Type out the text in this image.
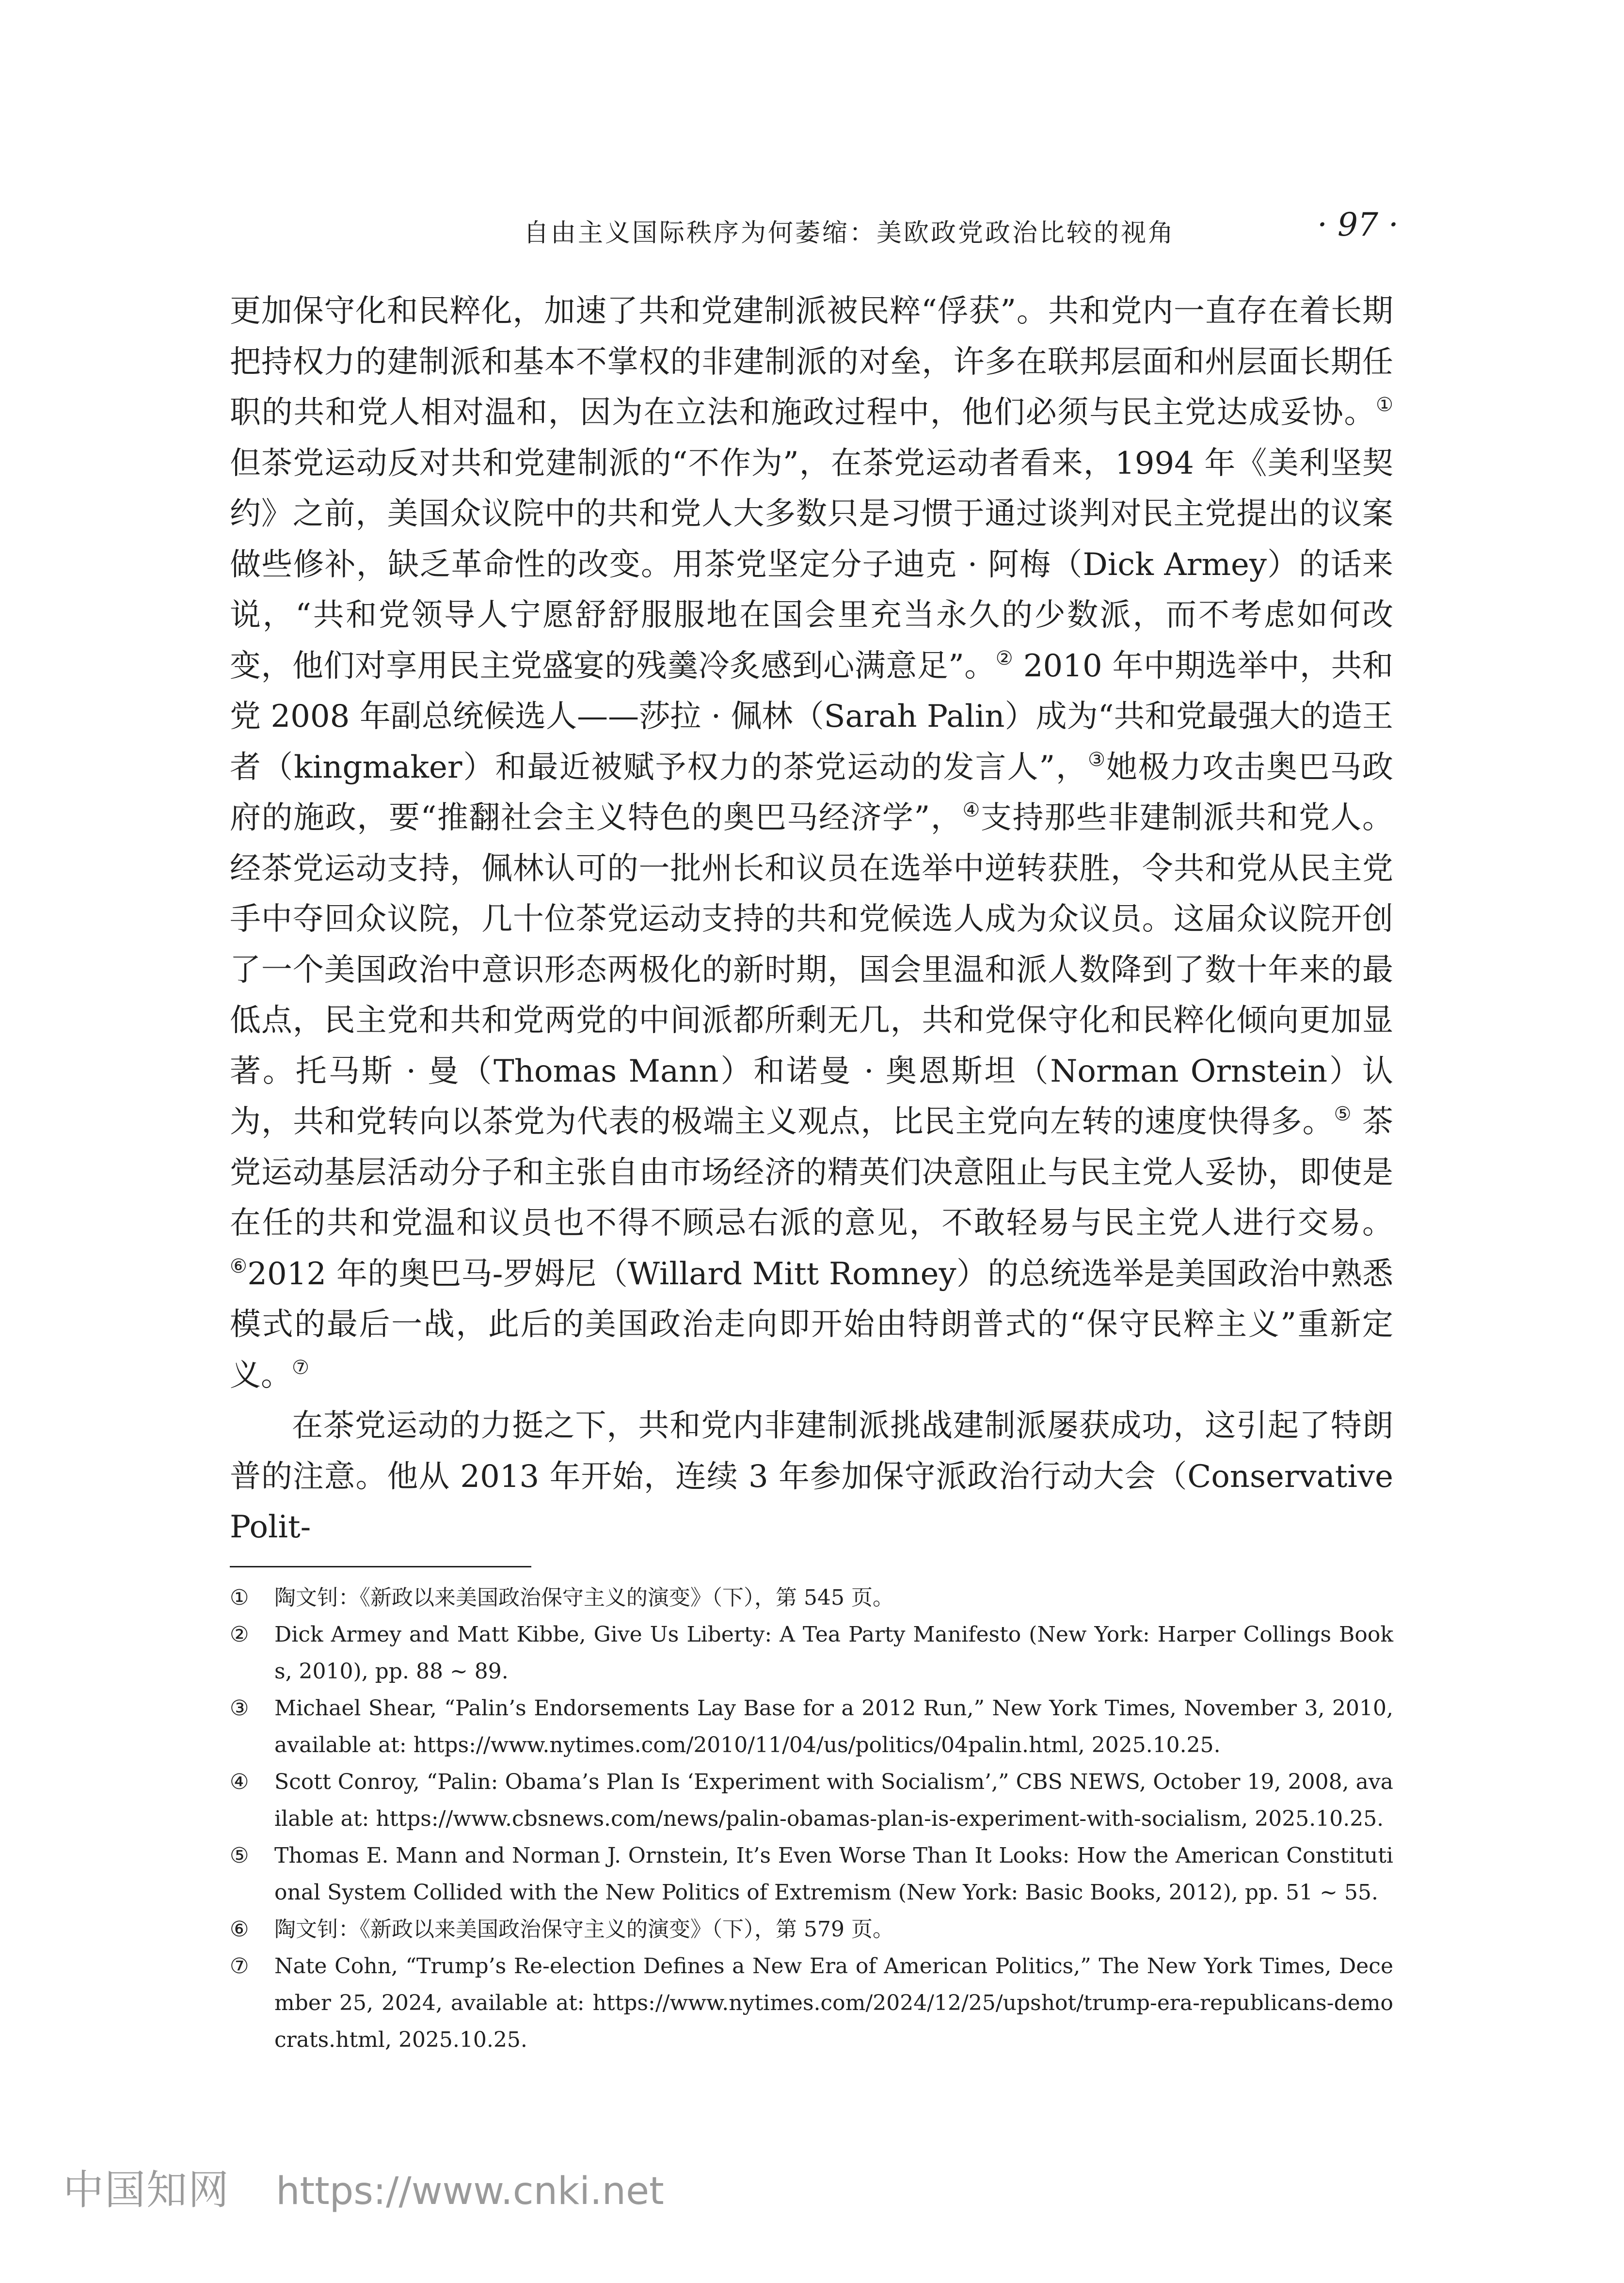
自由主义国际秩序为何萎缩：美欧政党政治比较的视角	· 97 ·

更加保守化和民粹化，加速了共和党建制派被民粹“俘获”。共和党内一直存在着长期把持权力的建制派和基本不掌权的非建制派的对垒，许多在联邦层面和州层面长期任职的共和党人相对温和，因为在立法和施政过程中，他们必须与民主党达成妥协。① 但茶党运动反对共和党建制派的“不作为”，在茶党运动者看来，1994 年《美利坚契约》之前，美国众议院中的共和党人大多数只是习惯于通过谈判对民主党提出的议案做些修补，缺乏革命性的改变。用茶党坚定分子迪克 · 阿梅（Dick Armey）的话来说，“共和党领导人宁愿舒舒服服地在国会里充当永久的少数派，而不考虑如何改变，他们对享用民主党盛宴的残羹冷炙感到心满意足”。② 2010 年中期选举中，共和党 2008 年副总统候选人——莎拉 · 佩林（Sarah Palin）成为“共和党最强大的造王者（kingmaker）和最近被赋予权力的茶党运动的发言人”，③她极力攻击奥巴马政府的施政，要“推翻社会主义特色的奥巴马经济学”，④支持那些非建制派共和党人。经茶党运动支持，佩林认可的一批州长和议员在选举中逆转获胜，令共和党从民主党手中夺回众议院，几十位茶党运动支持的共和党候选人成为众议员。这届众议院开创了一个美国政治中意识形态两极化的新时期，国会里温和派人数降到了数十年来的最低点，民主党和共和党两党的中间派都所剩无几，共和党保守化和民粹化倾向更加显著。托马斯 · 曼（Thomas Mann）和诺曼 · 奥恩斯坦（Norman Ornstein）认为，共和党转向以茶党为代表的极端主义观点，比民主党向左转的速度快得多。⑤ 茶党运动基层活动分子和主张自由市场经济的精英们决意阻止与民主党人妥协，即使是在任的共和党温和议员也不得不顾忌右派的意见，不敢轻易与民主党人进行交易。⑥2012 年的奥巴马-罗姆尼（Willard Mitt Romney）的总统选举是美国政治中熟悉模式的最后一战，此后的美国政治走向即开始由特朗普式的“保守民粹主义”重新定义。⑦

在茶党运动的力挺之下，共和党内非建制派挑战建制派屡获成功，这引起了特朗普的注意。他从 2013 年开始，连续 3 年参加保守派政治行动大会（Conservative Polit-

①	陶文钊：《新政以来美国政治保守主义的演变》（下），第 545 页。
②	Dick Armey and Matt Kibbe, Give Us Liberty: A Tea Party Manifesto (New York: Harper Collings Books, 2010), pp. 88 ~ 89.
③	Michael Shear, “Palin’s Endorsements Lay Base for a 2012 Run,” New York Times, November 3, 2010, available at: https://www.nytimes.com/2010/11/04/us/politics/04palin.html, 2025.10.25.
④	Scott Conroy, “Palin: Obama’s Plan Is ‘Experiment with Socialism’,” CBS NEWS, October 19, 2008, available at: https://www.cbsnews.com/news/palin-obamas-plan-is-experiment-with-socialism, 2025.10.25.
⑤	Thomas E. Mann and Norman J. Ornstein, It’s Even Worse Than It Looks: How the American Constitutional System Collided with the New Politics of Extremism (New York: Basic Books, 2012), pp. 51 ~ 55.
⑥	陶文钊：《新政以来美国政治保守主义的演变》（下），第 579 页。
⑦	Nate Cohn, “Trump’s Re-election Defines a New Era of American Politics,” The New York Times, December 25, 2024, available at: https://www.nytimes.com/2024/12/25/upshot/trump-era-republicans-democrats.html, 2025.10.25.
中国知网 https://www.cnki.net
